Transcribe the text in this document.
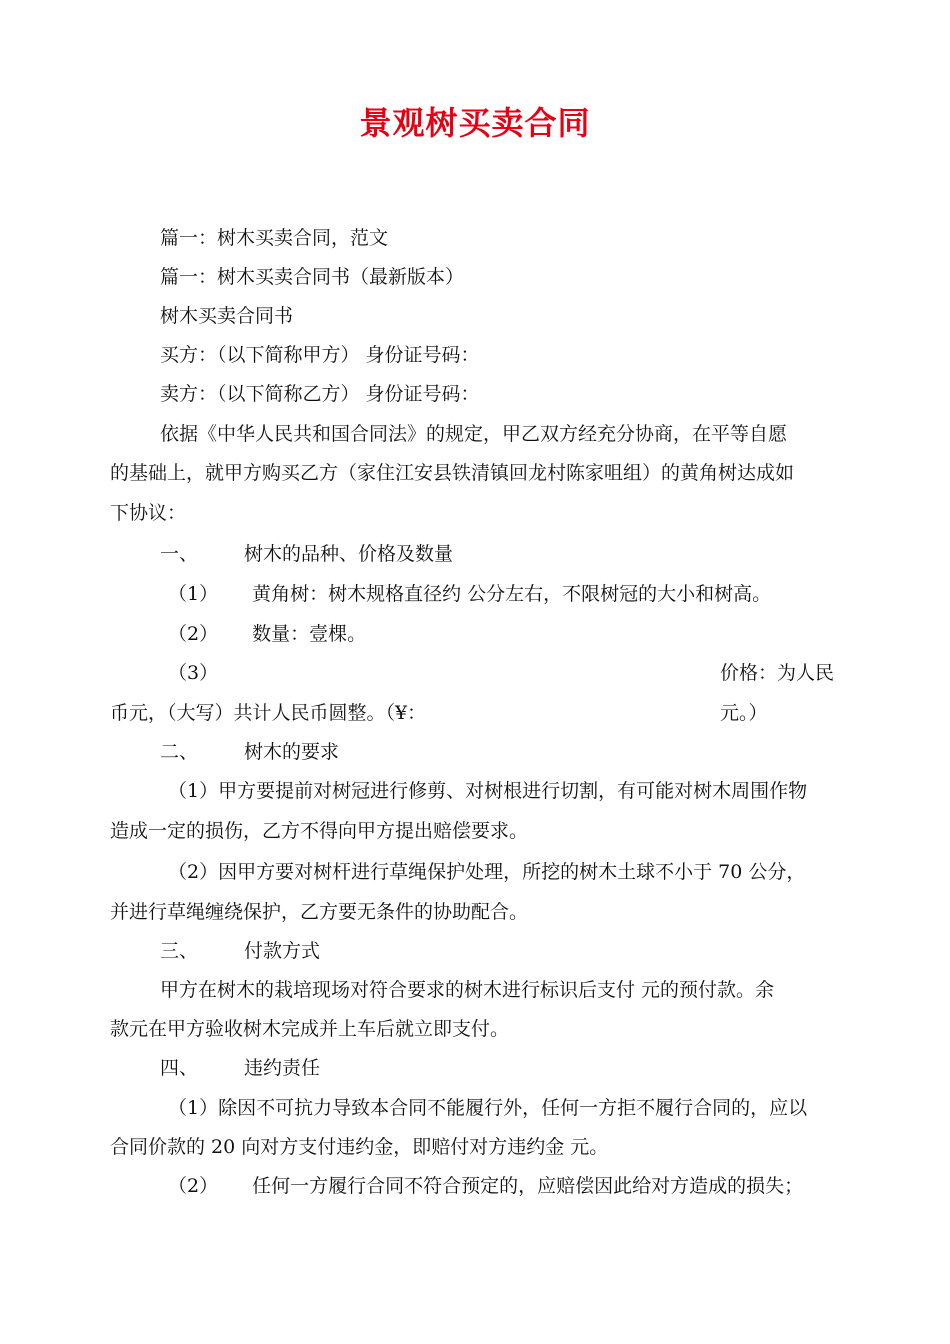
景观树买卖合同
篇一：树木买卖合同，范文
篇一：树木买卖合同书（最新版本）
树木买卖合同书
买方：（以下简称甲方） 身份证号码：
卖方：（以下简称乙方） 身份证号码：
依据《中华人民共和国合同法》的规定，甲乙双方经充分协商，在平等自愿
的基础上，就甲方购买乙方（家住江安县铁清镇回龙村陈家咀组）的黄角树达成如
下协议：
一、 树木的品种、价格及数量
（1） 黄角树：树木规格直径约 公分左右，不限树冠的大小和树高。
（2） 数量：壹棵。
（3）	价格：为人民
币元，（大写）共计人民币圆整。（¥：	元。）
二、 树木的要求
（1）甲方要提前对树冠进行修剪、对树根进行切割，有可能对树木周围作物
造成一定的损伤，乙方不得向甲方提出赔偿要求。
（2）因甲方要对树杆进行草绳保护处理，所挖的树木土球不小于 70 公分，
并进行草绳缠绕保护，乙方要无条件的协助配合。
三、 付款方式
甲方在树木的栽培现场对符合要求的树木进行标识后支付 元的预付款。余
款元在甲方验收树木完成并上车后就立即支付。
四、 违约责任
（1）除因不可抗力导致本合同不能履行外，任何一方拒不履行合同的，应以
合同价款的 20 向对方支付违约金，即赔付对方违约金 元。
（2） 任何一方履行合同不符合预定的，应赔偿因此给对方造成的损失；
